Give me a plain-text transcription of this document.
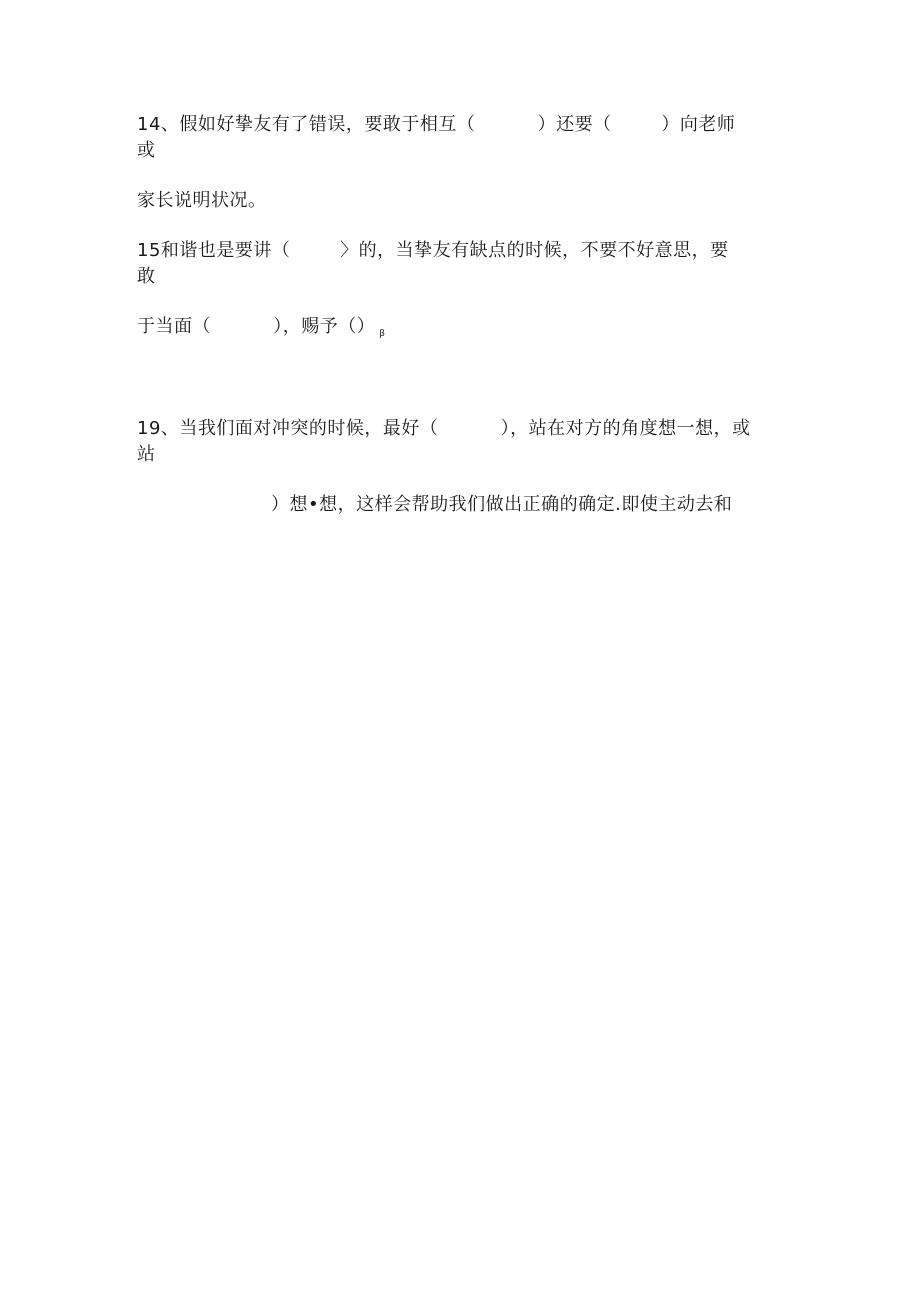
14、假如好挚友有了错误，要敢于相互（          ）还要（        ）向老师
或
家长说明状况。
15和谐也是要讲（        〉的，当挚友有缺点的时候，不要不好意思，要
敢
于当面（          ），赐予（） $_\beta$
19、当我们面对冲突的时候，最好（          ），站在对方的角度想一想，或
站
）想•想，这样会帮助我们做出正确的确定.即使主动去和
